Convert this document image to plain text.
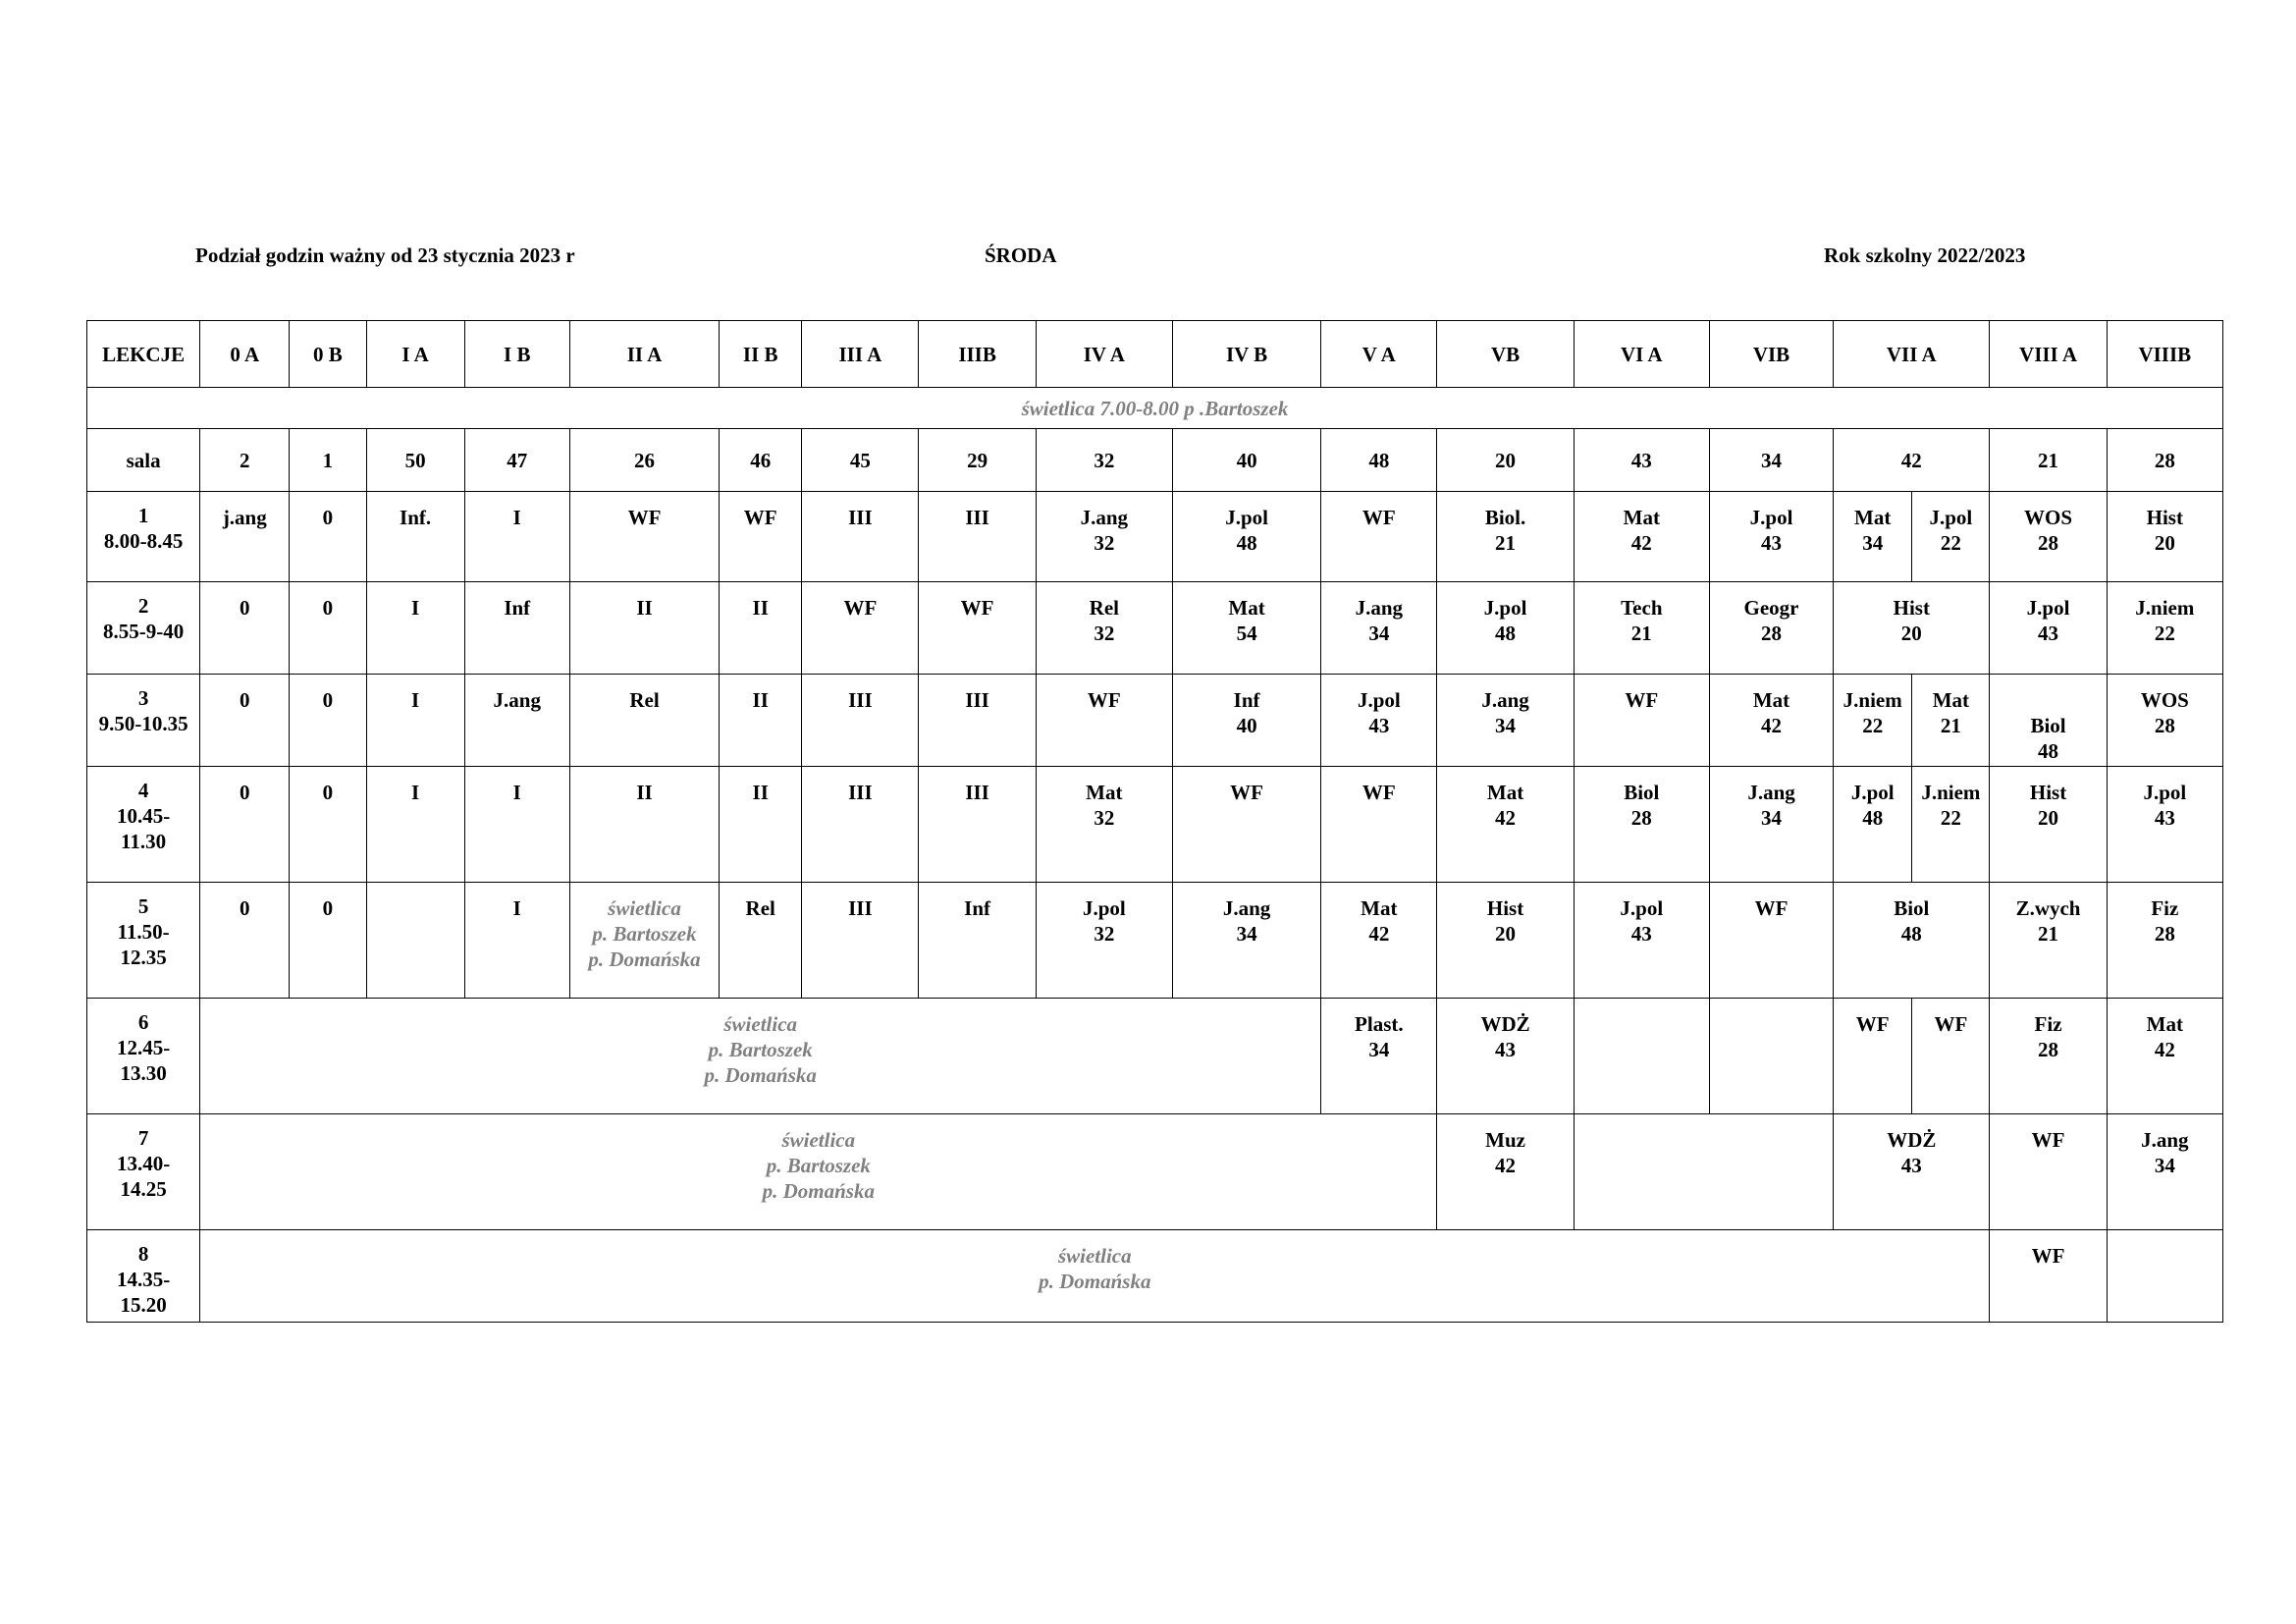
Podział godzin ważny od 23 stycznia 2023 r	ŚRODA	Rok szkolny 2022/2023
LEKCJE	0 A	0 B	I A	I B	II A	II B	III A	IIIB	IV A	IV B	V A	VB	VI A	VIB	VII A		VIII A	VIIIB

świetlica 7.00-8.00 p .Bartoszek																		

sala	2	1	50	47	26	46	45	29	32	40	48	20	43	34	42		21	28

1
8.00-8.45	j.ang	0	Inf.	I	WF	WF	III	III	J.ang
32	J.pol
48	WF	Biol.
21	Mat
42	J.pol
43	Mat
34	J.pol
22	WOS
28	Hist
20

2
8.55-9-40	0	0	I	Inf	II	II	WF	WF	Rel
32	Mat
54	J.ang
34	J.pol
48	Tech
21	Geogr
28	Hist
20		J.pol
43	J.niem
22

3
9.50-10.35	0	0	I	J.ang	Rel	II	III	III	WF	Inf
40	J.pol
43	J.ang
34	WF	Mat
42	J.niem
22	Mat
21	Biol
48	WOS
28

4
10.45-
11.30	0	0	I	I	II	II	III	III	Mat
32	WF	WF	Mat
42	Biol
28	J.ang
34	J.pol
48	J.niem
22	Hist
20	J.pol
43

5
11.50-
12.35	0	0		I	świetlica
p. Bartoszek
p. Domańska	Rel	III	Inf	J.pol
32	J.ang
34	Mat
42	Hist
20	J.pol
43	WF	Biol
48		Z.wych
21	Fiz
28

6
12.45-
13.30	świetlica
p. Bartoszek
p. Domańska										Plast.
34	WDŻ
43			WF	WF	Fiz
28	Mat
42

7
13.40-
14.25	świetlica
p. Bartoszek
p. Domańska											Muz
42			WDŻ
43		WF	J.ang
34

8
14.35-
15.20	świetlica
p. Domańska																WF	
